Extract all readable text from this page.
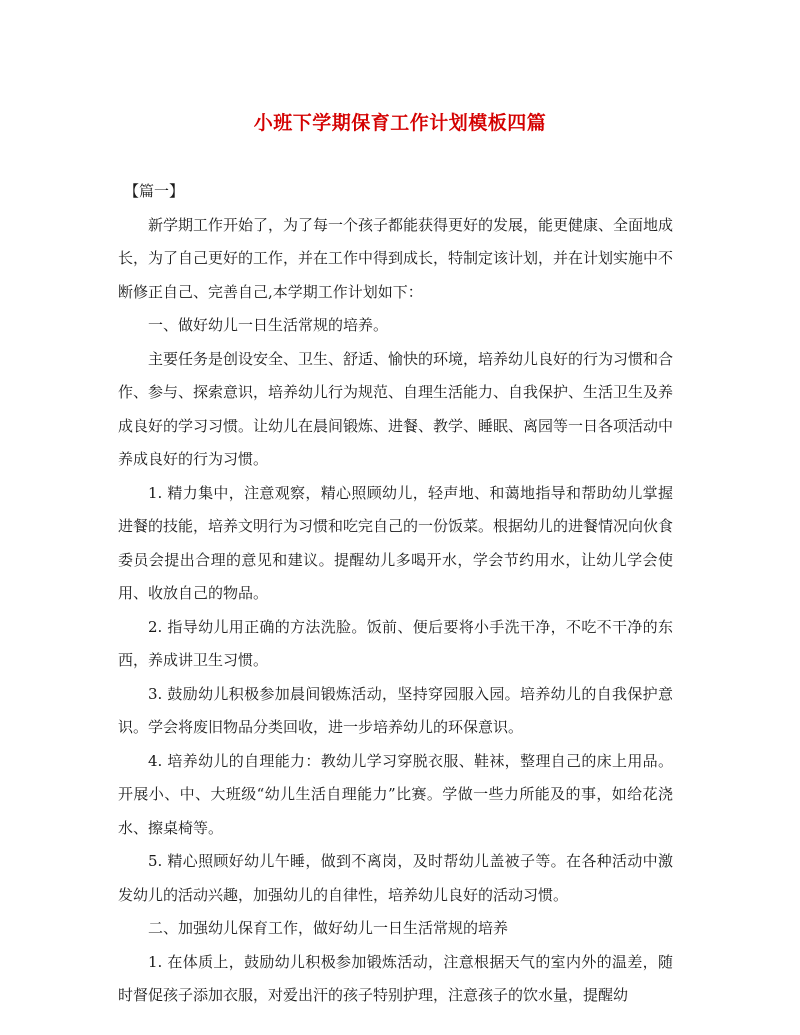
小班下学期保育工作计划模板四篇

【篇一】

新学期工作开始了，为了每一个孩子都能获得更好的发展，能更健康、全面地成长，为了自己更好的工作，并在工作中得到成长，特制定该计划，并在计划实施中不断修正自己、完善自己,本学期工作计划如下：

一、做好幼儿一日生活常规的培养。

主要任务是创设安全、卫生、舒适、愉快的环境，培养幼儿良好的行为习惯和合作、参与、探索意识，培养幼儿行为规范、自理生活能力、自我保护、生活卫生及养成良好的学习习惯。让幼儿在晨间锻炼、进餐、教学、睡眠、离园等一日各项活动中养成良好的行为习惯。

1. 精力集中，注意观察，精心照顾幼儿，轻声地、和蔼地指导和帮助幼儿掌握进餐的技能，培养文明行为习惯和吃完自己的一份饭菜。根据幼儿的进餐情况向伙食委员会提出合理的意见和建议。提醒幼儿多喝开水，学会节约用水，让幼儿学会使用、收放自己的物品。

2. 指导幼儿用正确的方法洗脸。饭前、便后要将小手洗干净，不吃不干净的东西，养成讲卫生习惯。

3. 鼓励幼儿积极参加晨间锻炼活动，坚持穿园服入园。培养幼儿的自我保护意识。学会将废旧物品分类回收，进一步培养幼儿的环保意识。

4. 培养幼儿的自理能力：教幼儿学习穿脱衣服、鞋袜，整理自己的床上用品。开展小、中、大班级“幼儿生活自理能力”比赛。学做一些力所能及的事，如给花浇水、擦桌椅等。

5. 精心照顾好幼儿午睡，做到不离岗，及时帮幼儿盖被子等。在各种活动中激发幼儿的活动兴趣，加强幼儿的自律性，培养幼儿良好的活动习惯。

二、加强幼儿保育工作，做好幼儿一日生活常规的培养

1. 在体质上，鼓励幼儿积极参加锻炼活动，注意根据天气的室内外的温差，随时督促孩子添加衣服，对爱出汗的孩子特别护理，注意孩子的饮水量，提醒幼
